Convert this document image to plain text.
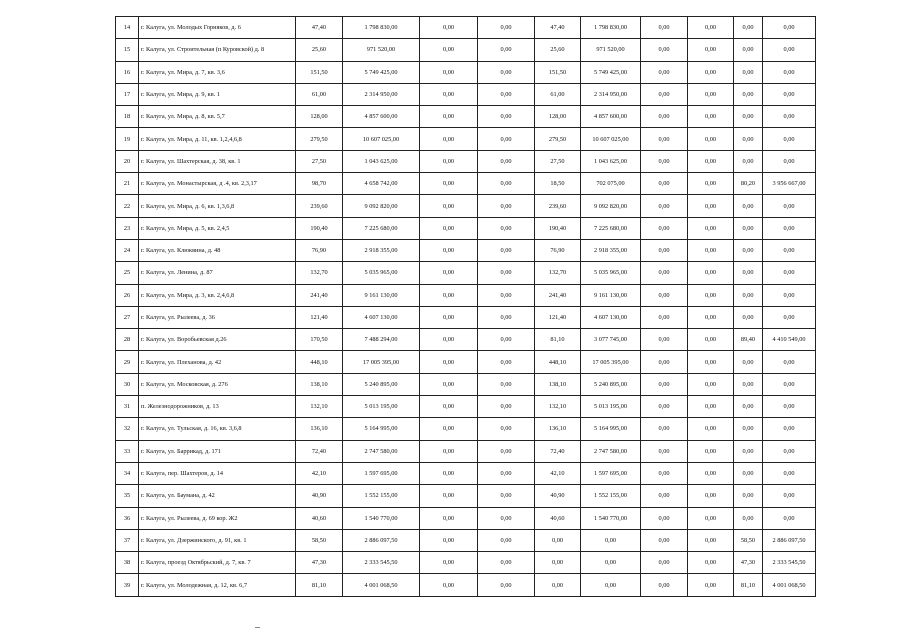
14	г. Калуга, ул. Молодых Горняков, д. 6	47,40	1 798 830,00	0,00	0,00	47,40	1 798 830,00	0,00	0,00	0,00	0,00
15	г. Калуга, ул. Строительная (п Куровской) д. 8	25,60	971 520,00	0,00	0,00	25,60	971 520,00	0,00	0,00	0,00	0,00
16	г. Калуга, ул. Мира, д. 7, кв. 3,6	151,50	5 749 425,00	0,00	0,00	151,50	5 749 425,00	0,00	0,00	0,00	0,00
17	г. Калуга, ул. Мира, д. 9, кв. 1	61,00	2 314 950,00	0,00	0,00	61,00	2 314 950,00	0,00	0,00	0,00	0,00
18	г. Калуга, ул. Мира, д. 8, кв. 5,7	128,00	4 857 600,00	0,00	0,00	128,00	4 857 600,00	0,00	0,00	0,00	0,00
19	г. Калуга, ул. Мира, д. 11, кв. 1,2,4,6,8	279,50	10 607 025,00	0,00	0,00	279,50	10 607 025,00	0,00	0,00	0,00	0,00
20	г. Калуга, ул. Шахтерская, д. 38, кв. 1	27,50	1 043 625,00	0,00	0,00	27,50	1 043 625,00	0,00	0,00	0,00	0,00
21	г. Калуга, ул. Монастырская, д .4, кв. 2,3,17	98,70	4 658 742,00	0,00	0,00	18,50	702 075,00	0,00	0,00	80,20	3 956 667,00
22	г. Калуга, ул. Мира, д. 6, кв. 1,3,6,8	239,60	9 092 820,00	0,00	0,00	239,60	9 092 820,00	0,00	0,00	0,00	0,00
23	г. Калуга, ул. Мира, д. 5, кв. 2,4,5	190,40	7 225 680,00	0,00	0,00	190,40	7 225 680,00	0,00	0,00	0,00	0,00
24	г. Калуга, ул. Клюквина, д. 48	76,90	2 918 355,00	0,00	0,00	76,90	2 918 355,00	0,00	0,00	0,00	0,00
25	г. Калуга, ул. Ленина, д. 87	132,70	5 035 965,00	0,00	0,00	132,70	5 035 965,00	0,00	0,00	0,00	0,00
26	г. Калуга, ул. Мира, д. 3, кв. 2,4,6,8	241,40	9 161 130,00	0,00	0,00	241,40	9 161 130,00	0,00	0,00	0,00	0,00
27	г. Калуга, ул. Рылеева, д. 36	121,40	4 607 130,00	0,00	0,00	121,40	4 607 130,00	0,00	0,00	0,00	0,00
28	г. Калуга, ул. Воробьевская д.26	170,50	7 488 294,00	0,00	0,00	81,10	3 077 745,00	0,00	0,00	89,40	4 410 549,00
29	г. Калуга, ул. Плеханова, д. 42	448,10	17 005 395,00	0,00	0,00	448,10	17 005 395,00	0,00	0,00	0,00	0,00
30	г. Калуга, ул. Московская, д. 276	138,10	5 240 895,00	0,00	0,00	138,10	5 240 895,00	0,00	0,00	0,00	0,00
31	п. Железнодорожников, д. 13	132,10	5 013 195,00	0,00	0,00	132,10	5 013 195,00	0,00	0,00	0,00	0,00
32	г. Калуга, ул. Тульская, д. 16, кв. 3,6,8	136,10	5 164 995,00	0,00	0,00	136,10	5 164 995,00	0,00	0,00	0,00	0,00
33	г. Калуга, ул. Баррикад, д. 171	72,40	2 747 580,00	0,00	0,00	72,40	2 747 580,00	0,00	0,00	0,00	0,00
34	г. Калуга, пер. Шахтеров, д. 14	42,10	1 597 695,00	0,00	0,00	42,10	1 597 695,00	0,00	0,00	0,00	0,00
35	г. Калуга, ул. Баумана, д. 42	40,90	1 552 155,00	0,00	0,00	40,90	1 552 155,00	0,00	0,00	0,00	0,00
36	г. Калуга, ул. Рылеева, д. 69 кор. Ж2	40,60	1 540 770,00	0,00	0,00	40,60	1 540 770,00	0,00	0,00	0,00	0,00
37	г. Калуга, ул. Дзержинского, д. 91, кв. 1	58,50	2 886 097,50	0,00	0,00	0,00	0,00	0,00	0,00	58,50	2 886 097,50
38	г. Калуга, проезд Октябрьский, д. 7, кв. 7	47,30	2 333 545,50	0,00	0,00	0,00	0,00	0,00	0,00	47,30	2 333 545,50
39	г. Калуга, ул. Молодежная, д. 12, кв. 6,7	81,10	4 001 068,50	0,00	0,00	0,00	0,00	0,00	0,00	81,10	4 001 068,50
